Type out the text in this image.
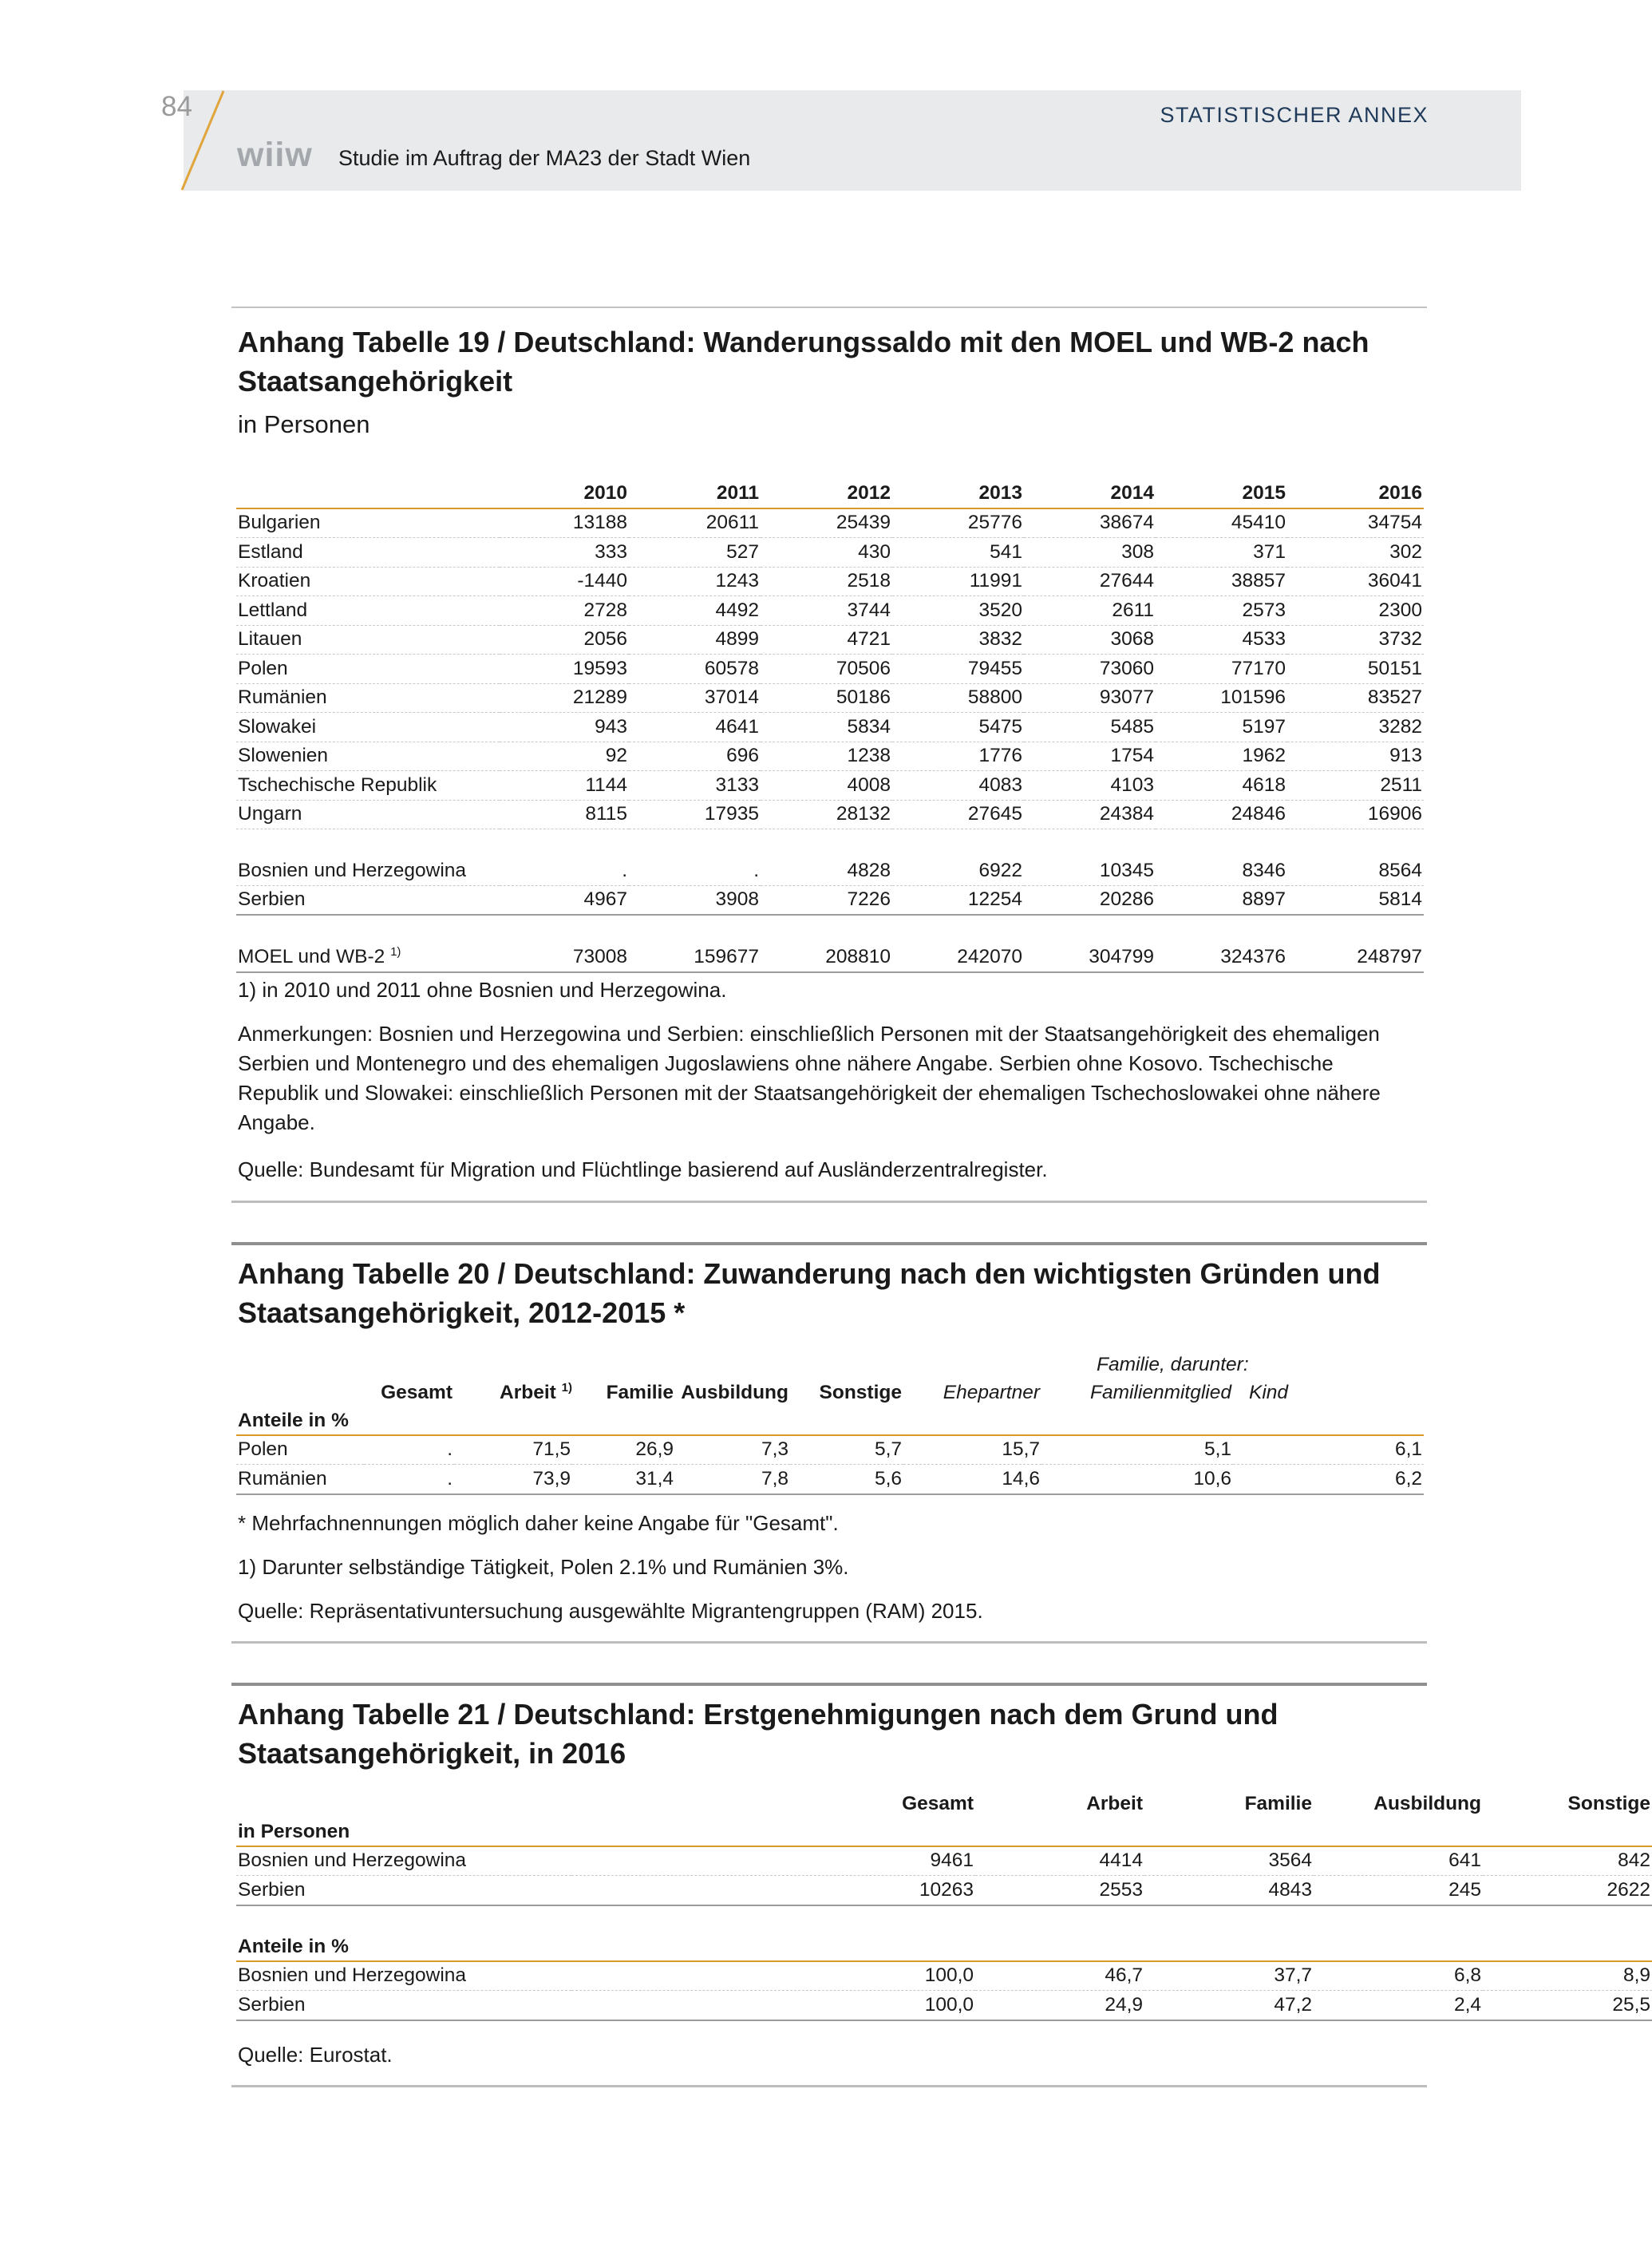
84
wiiw Studie im Auftrag der MA23 der Stadt Wien
STATISTISCHER ANNEX
Anhang Tabelle 19 / Deutschland: Wanderungssaldo mit den MOEL und WB-2 nach Staatsangehörigkeit
in Personen
	2010	2011	2012	2013	2014	2015	2016
Bulgarien	13188	20611	25439	25776	38674	45410	34754
Estland	333	527	430	541	308	371	302
Kroatien	-1440	1243	2518	11991	27644	38857	36041
Lettland	2728	4492	3744	3520	2611	2573	2300
Litauen	2056	4899	4721	3832	3068	4533	3732
Polen	19593	60578	70506	79455	73060	77170	50151
Rumänien	21289	37014	50186	58800	93077	101596	83527
Slowakei	943	4641	5834	5475	5485	5197	3282
Slowenien	92	696	1238	1776	1754	1962	913
Tschechische Republik	1144	3133	4008	4083	4103	4618	2511
Ungarn	8115	17935	28132	27645	24384	24846	16906

Bosnien und Herzegowina	.	.	4828	6922	10345	8346	8564
Serbien	4967	3908	7226	12254	20286	8897	5814

MOEL und WB-2 $^{1)}$	73008	159677	208810	242070	304799	324376	248797
1) in 2010 und 2011 ohne Bosnien und Herzegowina.
Anmerkungen: Bosnien und Herzegowina und Serbien: einschließlich Personen mit der Staatsangehörigkeit des ehemaligen Serbien und Montenegro und des ehemaligen Jugoslawiens ohne nähere Angabe. Serbien ohne Kosovo. Tschechische Republik und Slowakei: einschließlich Personen mit der Staatsangehörigkeit der ehemaligen Tschechoslowakei ohne nähere Angabe.
Quelle: Bundesamt für Migration und Flüchtlinge basierend auf Ausländerzentralregister.
Anhang Tabelle 20 / Deutschland: Zuwanderung nach den wichtigsten Gründen und Staatsangehörigkeit, 2012-2015 *
Familie, darunter:
	Gesamt	Arbeit $^{1)}$	Familie	Ausbildung	Sonstige	Ehepartner	Familienmitglied	Kind
Anteile in %								
Polen	.	71,5	26,9	7,3	5,7	15,7	5,1	6,1
Rumänien	.	73,9	31,4	7,8	5,6	14,6	10,6	6,2
* Mehrfachnennungen möglich daher keine Angabe für "Gesamt".
1) Darunter selbständige Tätigkeit, Polen 2.1% und Rumänien 3%.
Quelle: Repräsentativuntersuchung ausgewählte Migrantengruppen (RAM) 2015.
Anhang Tabelle 21 / Deutschland: Erstgenehmigungen nach dem Grund und Staatsangehörigkeit, in 2016
	Gesamt	Arbeit	Familie	Ausbildung	Sonstige
in Personen					
Bosnien und Herzegowina	9461	4414	3564	641	842
Serbien	10263	2553	4843	245	2622

Anteile in %					
Bosnien und Herzegowina	100,0	46,7	37,7	6,8	8,9
Serbien	100,0	24,9	47,2	2,4	25,5
Quelle: Eurostat.
